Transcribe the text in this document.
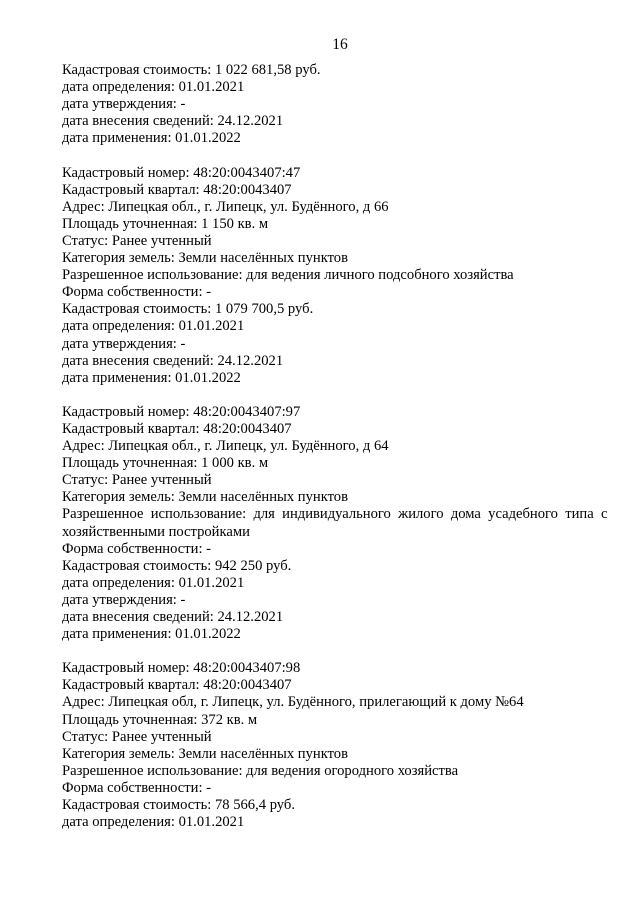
16
Кадастровая стоимость: 1 022 681,58 руб.
дата определения: 01.01.2021
дата утверждения: -
дата внесения сведений: 24.12.2021
дата применения: 01.01.2022
Кадастровый номер: 48:20:0043407:47
Кадастровый квартал: 48:20:0043407
Адрес: Липецкая обл., г. Липецк, ул. Будённого, д 66
Площадь уточненная: 1 150 кв. м
Статус: Ранее учтенный
Категория земель: Земли населённых пунктов
Разрешенное использование: для ведения личного подсобного хозяйства
Форма собственности: -
Кадастровая стоимость: 1 079 700,5 руб.
дата определения: 01.01.2021
дата утверждения: -
дата внесения сведений: 24.12.2021
дата применения: 01.01.2022
Кадастровый номер: 48:20:0043407:97
Кадастровый квартал: 48:20:0043407
Адрес: Липецкая обл., г. Липецк, ул. Будённого, д 64
Площадь уточненная: 1 000 кв. м
Статус: Ранее учтенный
Категория земель: Земли населённых пунктов
Разрешенное  использование:  для  индивидуального  жилого  дома  усадебного  типа  с
хозяйственными постройками
Форма собственности: -
Кадастровая стоимость: 942 250 руб.
дата определения: 01.01.2021
дата утверждения: -
дата внесения сведений: 24.12.2021
дата применения: 01.01.2022
Кадастровый номер: 48:20:0043407:98
Кадастровый квартал: 48:20:0043407
Адрес: Липецкая обл, г. Липецк, ул. Будённого, прилегающий к дому №64
Площадь уточненная: 372 кв. м
Статус: Ранее учтенный
Категория земель: Земли населённых пунктов
Разрешенное использование: для ведения огородного хозяйства
Форма собственности: -
Кадастровая стоимость: 78 566,4 руб.
дата определения: 01.01.2021
